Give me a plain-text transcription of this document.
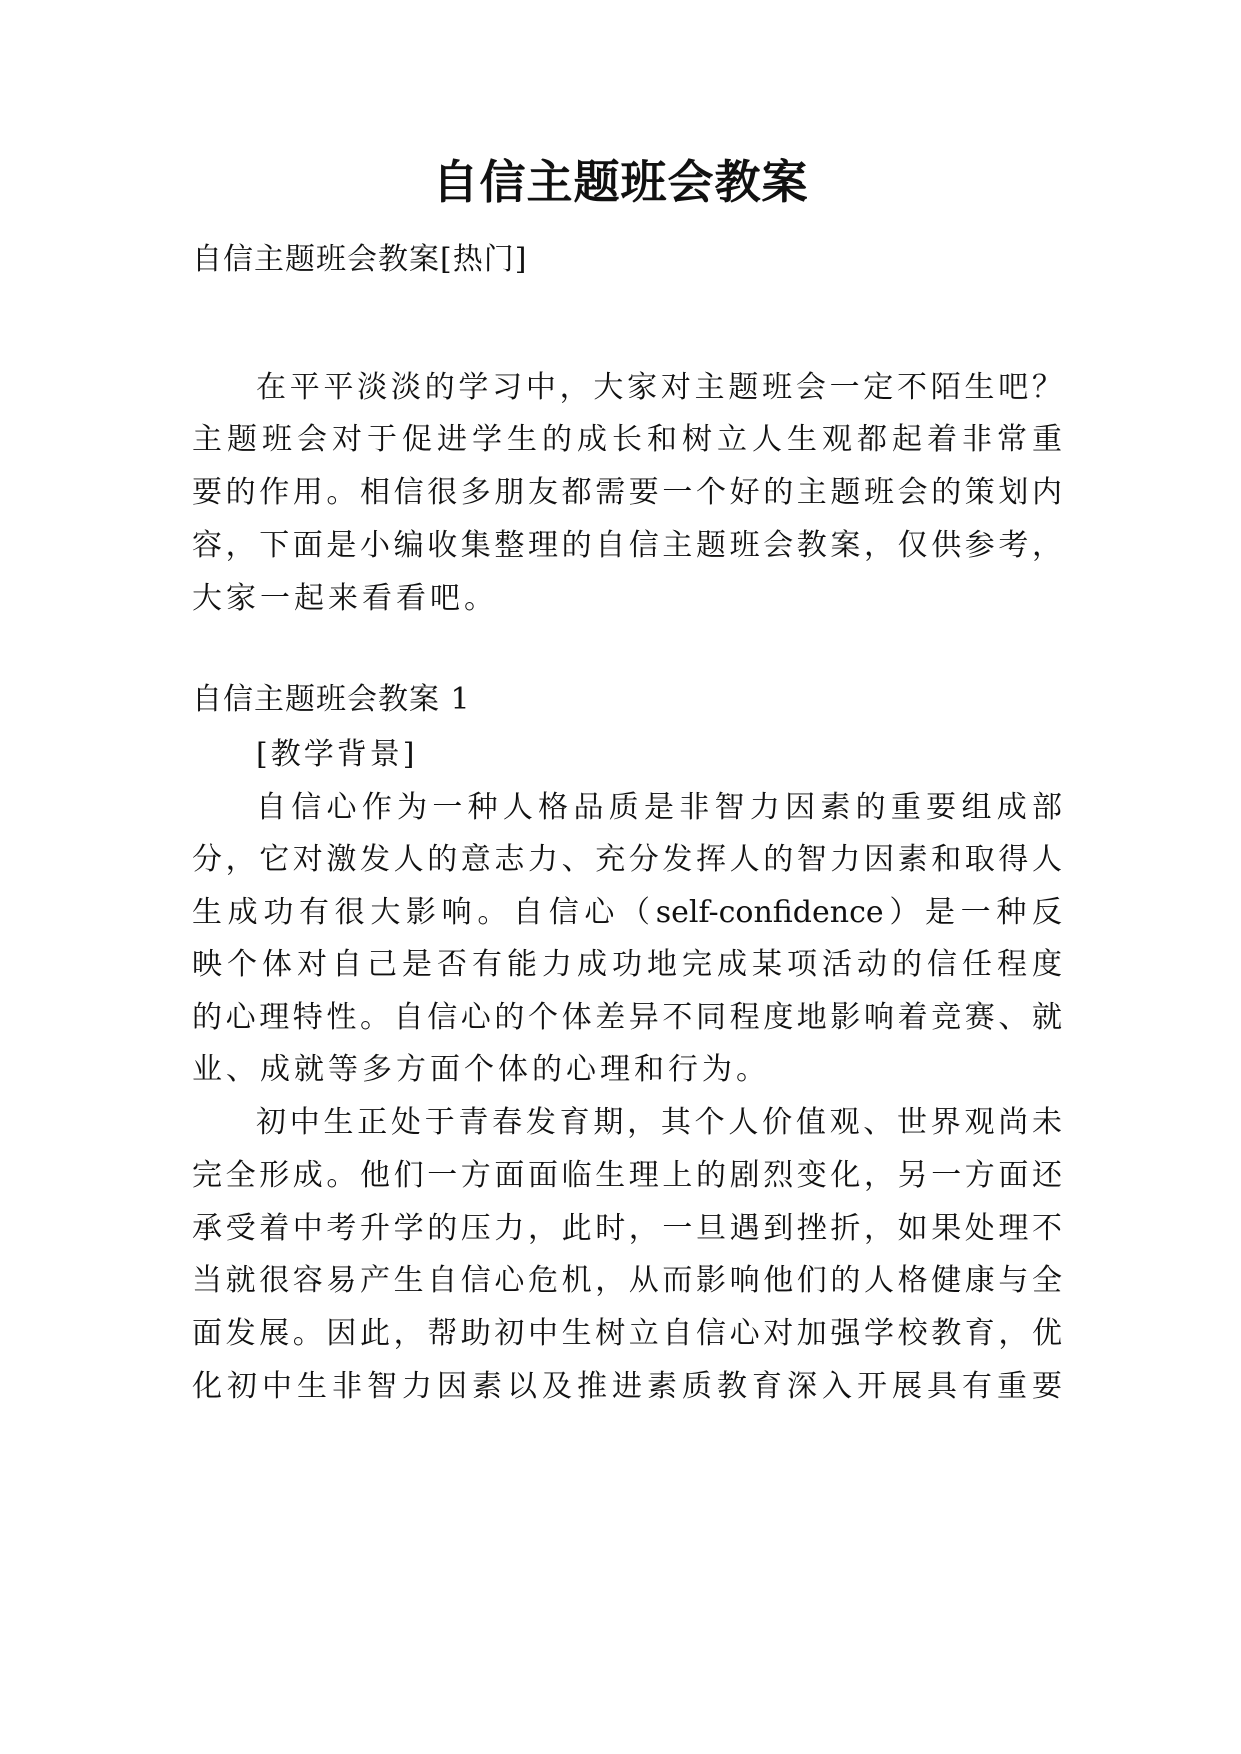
自信主题班会教案

自信主题班会教案[热门]

在平平淡淡的学习中，大家对主题班会一定不陌生吧？

主题班会对于促进学生的成长和树立人生观都起着非常重

要的作用。相信很多朋友都需要一个好的主题班会的策划内

容，下面是小编收集整理的自信主题班会教案，仅供参考，

大家一起来看看吧。

自信主题班会教案 1

[教学背景]

自信心作为一种人格品质是非智力因素的重要组成部

分，它对激发人的意志力、充分发挥人的智力因素和取得人

生成功有很大影响。自信心（self-confidence）是一种反

映个体对自己是否有能力成功地完成某项活动的信任程度

的心理特性。自信心的个体差异不同程度地影响着竞赛、就

业、成就等多方面个体的心理和行为。

初中生正处于青春发育期，其个人价值观、世界观尚未

完全形成。他们一方面面临生理上的剧烈变化，另一方面还

承受着中考升学的压力，此时，一旦遇到挫折，如果处理不

当就很容易产生自信心危机，从而影响他们的人格健康与全

面发展。因此，帮助初中生树立自信心对加强学校教育，优

化初中生非智力因素以及推进素质教育深入开展具有重要
